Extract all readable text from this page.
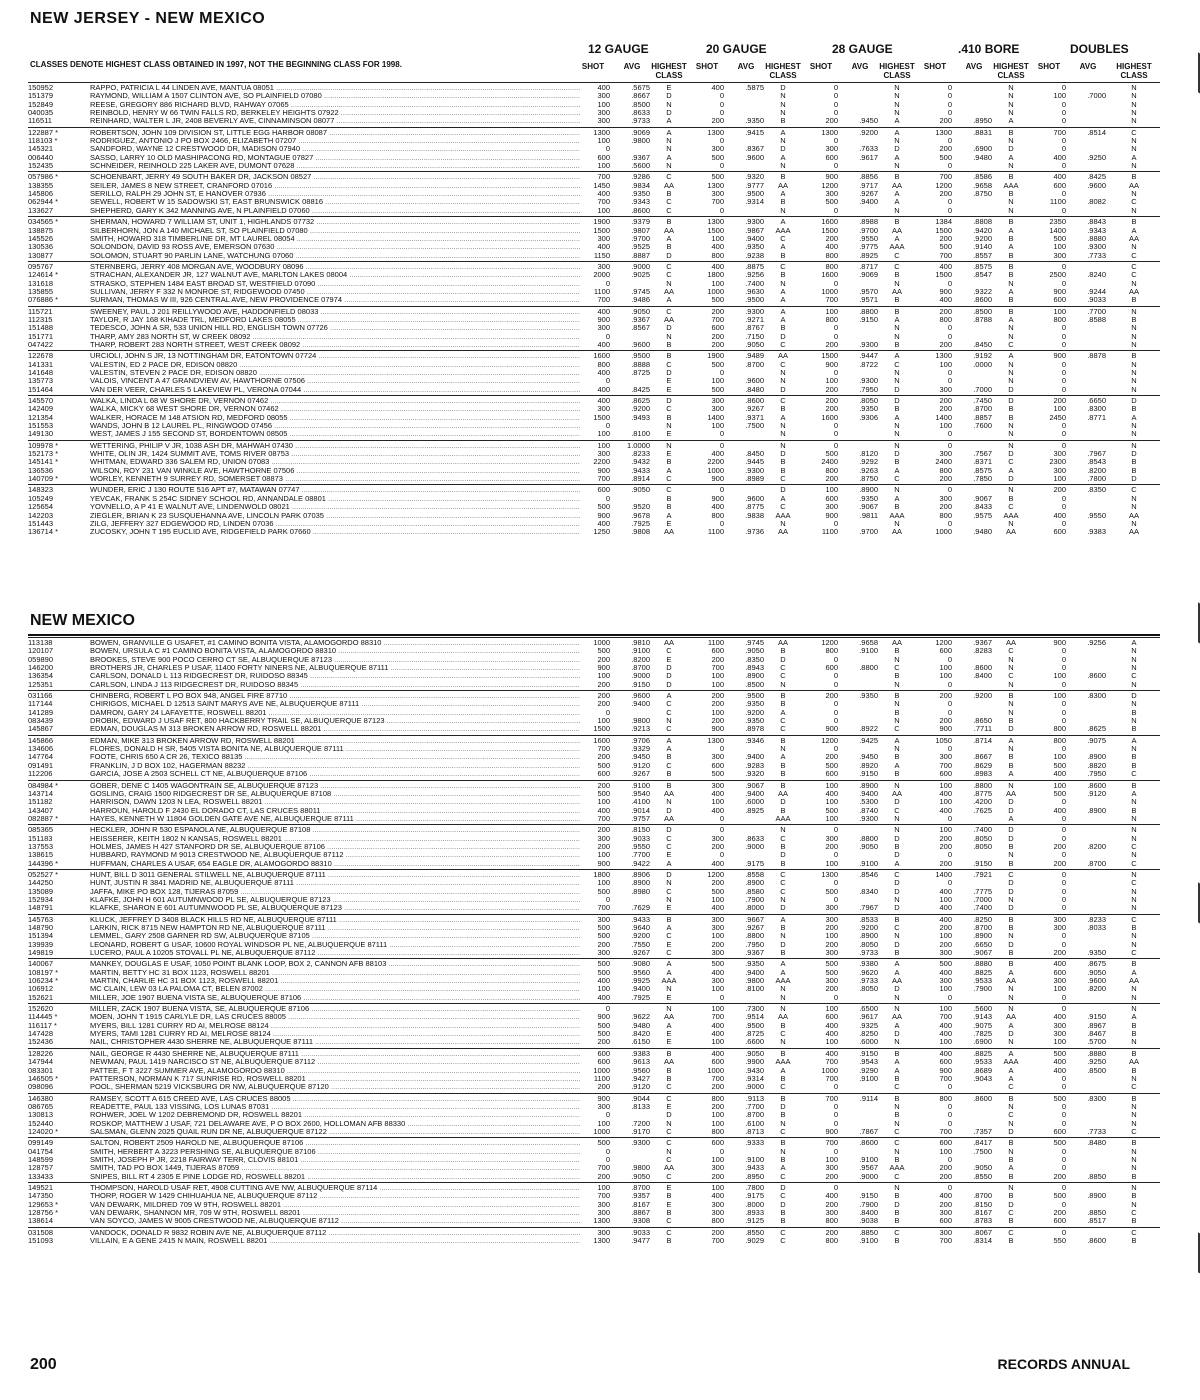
NEW JERSEY - NEW MEXICO
12 GAUGE	20 GAUGE	28 GAUGE	.410 BORE	DOUBLES
CLASSES DENOTE HIGHEST CLASS OBTAINED IN 1997, NOT THE BEGINNING CLASS FOR 1998.	SHOT	AVG	HIGHEST CLASS
SHOT	AVG	HIGHEST CLASS
SHOT	AVG	HIGHEST CLASS
SHOT	AVG	HIGHEST CLASS
SHOT	AVG	HIGHEST CLASS
150952	RAPPO, PATRICIA L 44 LINDEN AVE, MANTUA 08051 .....	400	.5675	E	400	.5875	D	0	N	0	N	0	N
151379	RAYMOND, WILLIAM A 1507 CLINTON AVE, SO PLAINFIELD 07080 .....	300	.8667	D	0	N	0	N	0	N	100	.7000	N
152849	REESE, GREGORY 886 RICHARD BLVD, RAHWAY 07065 .....	100	.8500	N	0	N	0	N	0	N	0	N
040035	REINBOLD, HENRY W 66 TWIN FALLS RD, BERKELEY HEIGHTS 07922 .....	300	.8633	D	0	N	0	N	0	N	0	N
116511	REINHARD, WALTER L JR, 2408 BEVERLY AVE, CINNAMINSON 08077 .....	300	.9733	A	200	.9350	B	200	.9450	A	200	.8950	A	0	N
122887 *	ROBERTSON, JOHN 109 DIVISION ST, LITTLE EGG HARBOR 08087 .....	1300	.9069	A	1300	.9415	A	1300	.9200	A	1300	.8831	B	700	.8514	C
118103 *	RODRIGUEZ, ANTONIO J PO BOX 2466, ELIZABETH 07207 .....	100	.9800	N	0	N	0	N	0	N	0	N
145321	SANDFORD, WAYNE 12 CRESTWOOD DR, MADISON 07940 .....	0	N	300	.8367	D	300	.7633	D	200	.6900	D	0	N
006440	SASSO, LARRY 10 OLD MASHIPACONG RD, MONTAGUE 07827 .....	600	.9367	A	500	.9600	A	600	.9617	A	500	.9480	A	400	.9250	A
152435	SCHNEIDER, REINHOLD 225 LAKER AVE, DUMONT 07628 .....	100	.5600	N	0	N	0	N	0	N	0	N
057986 *	SCHOENBART, JERRY 49 SOUTH BAKER DR, JACKSON 08527 .....	700	.9286	C	500	.9320	B	900	.8856	B	700	.8586	B	400	.8425	B
138355	SEILER, JAMES 8 NEW STREET, CRANFORD 07016 .....	1450	.9834	AA	1300	.9777	AA	1200	.9717	AA	1200	.9658	AAA	600	.9600	AA
145806	SERILLO, RALPH 29 JOHN ST, E HANOVER 07936 .....	400	.9350	B	300	.9500	A	300	.9267	A	200	.8750	B	0	N
062944 *	SEWELL, ROBERT W 15 SADOWSKI ST, EAST BRUNSWICK 08816 .....	700	.9343	C	700	.9314	B	500	.9400	A	0	N	1100	.8082	C
133627	SHEPHERD, GARY K 342 MANNING AVE, N PLAINFIELD 07060 .....	100	.8600	C	0	N	0	N	0	N	0	N
034565 *	SHERMAN, HOWARD 7 WILLIAM ST, UNIT 1, HIGHLANDS 07732 .....	1900	.9379	B	1300	.9300	A	1600	.8988	B	1384	.8808	B	2350	.8843	B
138875	SILBERHORN, JON A 140 MICHAEL ST, SO PLAINFIELD 07080 .....	1500	.9807	AA	1500	.9867	AAA	1500	.9700	AA	1500	.9420	A	1400	.9343	A
145526	SMITH, HOWARD 318 TIMBERLINE DR, MT LAUREL 08054 .....	300	.9700	A	100	.9400	C	200	.9550	A	200	.9200	B	500	.8880	AA
130536	SOLONDON, DAVID 93 ROSS AVE, EMERSON 07630 .....	400	.9525	B	400	.9350	A	400	.9775	AAA	500	.9140	A	100	.9300	N
130877	SOLOMON, STUART 90 PARLIN LANE, WATCHUNG 07060 .....	1150	.8887	D	800	.9238	B	800	.8925	C	700	.8557	B	300	.7733	C
095767	STERNBERG, JERRY 408 MORGAN AVE, WOODBURY 08096 .....	300	.9000	C	400	.8875	C	800	.8717	C	400	.8575	B	0	C
124614 *	STRACHAN, ALEXANDER JR, 127 WALNUT AVE, MARLTON LAKES 08004 .....	2000	.9025	C	1800	.9256	B	1600	.9069	B	1500	.8547	B	2500	.8240	C
131618	STRASKO, STEPHEN 1484 EAST BROAD ST, WESTFIELD 07090 .....	0	N	100	.7400	N	0	N	0	N	0	N
135855	SULLIVAN, JERRY F 332 N MONROE ST, RIDGEWOOD 07450 .....	1100	.9745	AA	1000	.9630	A	1000	.9570	AA	900	.9322	A	900	.9244	AA
076886 *	SURMAN, THOMAS W III, 926 CENTRAL AVE, NEW PROVIDENCE 07974 .....	700	.9486	A	500	.9500	A	700	.9571	B	400	.8600	B	600	.9033	B
115721	SWEENEY, PAUL J 201 REILLYWOOD AVE, HADDONFIELD 08033 .....	400	.9050	C	200	.9300	A	100	.8800	B	200	.8500	B	100	.7700	N
112315	TAYLOR, R JAY 168 KIHADE TRL, MEDFORD LAKES 08055 .....	900	.9367	AA	700	.9271	A	800	.9150	A	800	.8788	A	800	.8588	B
151488	TEDESCO, JOHN A SR, 533 UNION HILL RD, ENGLISH TOWN 07726 .....	300	.8567	D	600	.8767	B	0	N	0	N	0	N
151771	THARP, AMY 283 NORTH ST, W CREEK 08092 .....	0	N	200	.7150	D	0	N	0	N	0	N
047422	THARP, ROBERT 283 NORTH STREET, WEST CREEK 08092 .....	400	.9600	B	200	.9050	C	200	.9300	B	200	.8450	C	0	N
122678	URCIOLI, JOHN S JR, 13 NOTTINGHAM DR, EATONTOWN 07724 .....	1600	.9500	B	1900	.9489	AA	1500	.9447	A	1300	.9192	A	900	.8878	B
141331	VALESTIN, ED 2 PACE DR, EDISON 08820 .....	800	.8888	C	500	.8700	C	900	.8722	C	100	.0000	N	0	N
141648	VALESTIN, STEVEN 2 PACE DR, EDISON 08820 .....	400	.8725	D	0	N	0	N	0	N	0	N
135773	VALOIS, VINCENT A 47 GRANDVIEW AV, HAWTHORNE 07506 .....	0	E	100	.9600	N	100	.9300	N	0	N	0	N
151464	VAN DER VEER, CHARLES 5 LAKEVIEW PL, VERONA 07044 .....	400	.8425	E	500	.8480	D	200	.7950	D	300	.7000	D	0	N
145570	WALKA, LINDA L 68 W SHORE DR, VERNON 07462 .....	400	.8625	D	300	.8600	C	200	.8050	D	200	.7450	D	200	.6650	D
142409	WALKA, MICKY 68 WEST SHORE DR, VERNON 07462 .....	300	.9200	C	300	.9267	B	200	.9350	B	200	.8700	B	100	.8300	B
121354	WALKER, HORACE M 148 ATSION RD, MEDFORD 08055 .....	1500	.9493	B	1400	.9371	A	1600	.9306	A	1400	.8857	B	2450	.8771	A
151553	WANDS, JOHN B 12 LAUREL PL, RINGWOOD 07456 .....	0	N	100	.7500	N	0	N	100	.7600	N	0	N
149130	WEST, JAMES J 155 SECOND ST, BORDENTOWN 08505 .....	100	.8100	E	0	N	0	N	0	N	0	N
109978 *	WETTERING, PHILIP V JR, 1038 ASH DR, MAHWAH 07430 .....	100	1.0000	N	0	N	0	N	0	N	0	N
152173 *	WHITE, OLIN JR, 1424 SUMMIT AVE, TOMS RIVER 08753 .....	300	.8233	E	400	.8450	D	500	.8120	D	300	.7567	D	300	.7967	D
145141 *	WHITMAN, EDWARD 336 SALEM RD, UNION 07083 .....	2200	.9432	B	2200	.9445	B	2400	.9292	B	2400	.8371	C	2300	.8543	B
136536	WILSON, ROY 231 VAN WINKLE AVE, HAWTHORNE 07506 .....	900	.9433	A	1000	.9300	B	800	.9263	A	800	.8575	A	300	.8200	B
140709 *	WORLEY, KENNETH 9 SURREY RD, SOMERSET 08873 .....	700	.8914	C	900	.8989	C	200	.8750	C	200	.7850	D	100	.7800	D
148323	WUNDER, ERIC J 130 ROUTE 516 APT #7, MATAWAN 07747 .....	600	.9050	C	0	D	100	.8900	N	0	N	200	.8350	C
105249	YEVCAK, FRANK S 254C SIDNEY SCHOOL RD, ANNANDALE 08801 .....	0	B	900	.9600	A	600	.9350	A	300	.9067	B	0	N
125654	YOVNELLO, A P 41 E WALNUT AVE, LINDENWOLD 08021 .....	500	.9520	B	400	.8775	C	300	.9067	B	200	.8433	C	0	N
142203	ZIEGLER, BRIAN K 23 SUSQUEHANNA AVE, LINCOLN PARK 07035 .....	900	.9678	A	800	.9838	AAA	900	.9811	AAA	800	.9575	AAA	400	.9550	AA
151443	ZILG, JEFFERY 327 EDGEWOOD RD, LINDEN 07036 .....	400	.7925	E	0	N	0	N	0	N	0	N
136714 *	ZUCOSKY, JOHN T 195 EUCLID AVE, RIDGEFIELD PARK 07660 .....	1250	.9808	AA	1100	.9736	AA	1100	.9700	AA	1000	.9480	AA	600	.9383	AA
NEW MEXICO
113138	BOWEN, GRANVILLE G USAFET, #1 CAMINO BONITA VISTA, ALAMOGORDO 88310 .....	1000	.9810	AA	1100	.9745	AA	1200	.9658	AA	1200	.9367	AA	900	.9256	A
120107	BOWEN, URSULA C #1 CAMINO BONITA VISTA, ALAMOGORDO 88310 .....	500	.9100	C	600	.9050	B	800	.9100	B	600	.8283	C	0	N
059890	BROOKES, STEVE 900 POCO CERRO CT SE, ALBUQUERQUE 87123 .....	200	.8200	E	200	.8350	D	0	N	0	N	0	N
146200	BROTHERS JR, CHARLES P USAF, 11400 FORTY NINERS NE, ALBUQUERQUE 87111 .....	900	.8700	D	700	.8943	C	600	.8800	C	100	.8600	N	0	N
136354	CARLSON, DONALD L 113 RIDGECREST DR, RUIDOSO 88345 .....	100	.9000	D	100	.8900	C	0	B	100	.8400	C	100	.8600	C
125351	CARLSON, LINDA J 113 RIDGECREST DR, RUIDOSO 88345 .....	200	.9150	D	100	.8500	N	0	N	0	N	0	N
031166	CHINBERG, ROBERT L PO BOX 948, ANGEL FIRE 87710 .....	200	.9600	A	200	.9500	B	200	.9350	B	200	.9200	B	100	.8300	D
117144	CHIRIGOS, MICHAEL D 12513 SAINT MARYS AVE NE, ALBUQUERQUE 87111 .....	200	.9400	C	200	.9350	B	0	N	0	N	0	N
141289	DAMRON, GARY 24 LAFAYETTE, ROSWELL 88201 .....	0	C	100	.9200	A	0	B	0	N	0	B
083439	DROBIK, EDWARD J USAF RET, 800 HACKBERRY TRAIL SE, ALBUQUERQUE 87123 .....	100	.9800	N	200	.9350	C	0	N	200	.8650	B	0	N
145867	EDMAN, DOUGLAS M 313 BROKEN ARROW RD, ROSWELL 88201 .....	1500	.9213	C	900	.8978	C	900	.8922	C	900	.7711	D	800	.8625	B
145866	EDMAN, MIKE 313 BROKEN ARROW RD, ROSWELL 88201 .....	1600	.9706	A	1300	.9346	B	1200	.9425	A	1050	.8714	A	800	.9075	A
134606	FLORES, DONALD H SR, 5405 VISTA BONITA NE, ALBUQUERQUE 87111 .....	700	.9329	A	0	N	0	N	0	N	0	N
147764	FOOTE, CHRIS 650 A CR 26, TEXICO 88135 .....	200	.9450	B	300	.9400	A	200	.9450	B	300	.8667	B	100	.8900	B
091491	FRANKLIN, J D BOX 102, HAGERMAN 88232 .....	500	.9120	C	600	.9283	B	500	.8920	A	700	.8629	B	500	.8820	B
112206	GARCIA, JOSE A 2503 SCHELL CT NE, ALBUQUERQUE 87106 .....	600	.9267	B	500	.9320	B	600	.9150	B	600	.8983	A	400	.7950	C
084984 *	GOBER, DENE C 1405 WAGONTRAIN SE, ALBUQUERQUE 87123 .....	200	.9100	B	300	.9067	B	100	.8900	N	100	.8800	N	100	.8600	B
143714	GOSLING, CRAIG 1500 RIDGECREST DR SE, ALBUQUERQUE 87108 .....	500	.9540	AA	400	.9400	AA	400	.9400	AA	400	.8775	AA	500	.9120	A
151182	HARRISON, DAWN 1203 N LEA, ROSWELL 88201 .....	100	.4100	N	100	.6000	D	100	.5300	D	100	.4200	D	0	N
143407	HARROUN, HAROLD F 2430 EL DORADO CT, LAS CRUCES 88011 .....	400	.9014	D	400	.8925	B	500	.8740	C	400	.7625	D	400	.8900	B
082887 *	HAYES, KENNETH W 11804 GOLDEN GATE AVE NE, ALBUQUERQUE 87111 .....	700	.9757	AA	0	AAA	100	.9300	N	0	A	0	N
085365	HECKLER, JOHN R 530 ESPANOLA NE, ALBUQUERQUE 87108 .....	200	.8150	D	0	N	0	N	100	.7400	D	0	N
151183	HEISSERER, KEITH 1802 N KANSAS, ROSWELL 88201 .....	300	.9033	C	300	.8633	C	300	.8800	D	200	.8050	D	0	N
137553	HOLMES, JAMES H 427 STANFORD DR SE, ALBUQUERQUE 87106 .....	200	.9550	C	200	.9000	B	200	.9050	B	200	.8050	B	200	.8200	C
138615	HUBBARD, RAYMOND M 9013 CRESTWOOD NE, ALBUQUERQUE 87112 .....	100	.7700	E	0	D	0	D	0	N	0	N
144396 *	HUFFMAN, CHARLES A USAF, 654 EAGLE DR, ALAMOGORDO 88310 .....	900	.9422	A	400	.9175	B	100	.9100	A	200	.9150	B	200	.8700	C
052527 *	HUNT, BILL D 3011 GENERAL STILWELL NE, ALBUQUERQUE 87111 .....	1800	.8906	D	1200	.8558	C	1300	.8546	C	1400	.7921	C	0	N
144250	HUNT, JUSTIN R 3841 MADRID NE, ALBUQUERQUE 87111 .....	100	.8900	N	200	.8900	C	0	D	0	D	0	C
135089	JAFFA, MIKE PO BOX 128, TIJERAS 87059 .....	500	.8980	C	500	.8580	C	500	.8340	D	400	.7775	D	0	N
152934	KLAFKE, JOHN H 601 AUTUMNWOOD PL SE, ALBUQUERQUE 87123 .....	0	N	100	.7900	N	0	N	100	.7000	N	0	N
148791	KLAFKE, SHARON E 601 AUTUMNWOOD PL SE, ALBUQUERQUE 87123 .....	700	.7629	E	400	.8000	D	300	.7967	D	400	.7400	D	0	N
145763	KLUCK, JEFFREY D 3408 BLACK HILLS RD NE, ALBUQUERQUE 87111 .....	300	.9433	B	300	.9667	A	300	.8533	B	400	.8250	B	300	.8233	C
148790	LARKIN, RICK 8715 NEW HAMPTON RD NE, ALBUQUERQUE 87111 .....	500	.9640	A	300	.9267	B	200	.9200	C	200	.8700	B	300	.8033	B
151394	LEMMEL, GARY 2508 GARNER RD SW, ALBUQUERQUE 87105 .....	500	.9200	C	100	.8800	N	100	.8900	N	100	.8900	N	0	N
139939	LEONARD, ROBERT G USAF, 10600 ROYAL WINDSOR PL NE, ALBUQUERQUE 87111 .....	200	.7550	E	200	.7950	D	200	.8050	D	200	.6650	D	0	N
149819	LUCERO, PAUL A 10205 STOVALL PL NE, ALBUQUERQUE 87112 .....	300	.9267	C	300	.9367	B	300	.9733	B	300	.9067	B	200	.9350	C
140067	MANKEY, DOUGLAS E USAF, 1050 POINT BLANK LOOP, BOX 2, CANNON AFB 88103 .....	500	.9080	A	500	.9350	A	500	.9380	A	500	.8880	B	400	.8675	B
108197 *	MARTIN, BETTY HC 31 BOX 1123, ROSWELL 88201 .....	500	.9560	A	400	.9400	A	500	.9620	A	400	.8825	A	600	.9050	A
106234 *	MARTIN, CHARLIE HC 31 BOX 1123, ROSWELL 88201 .....	400	.9925	AAA	300	.9800	AAA	300	.9733	AA	300	.9533	AA	300	.9600	AA
106912	MC CLAIN, LEW 03 LA PALOMA CT, BELEN 87002 .....	100	.9400	N	100	.8100	N	200	.8050	D	100	.7900	N	100	.8200	N
152621	MILLER, JOE 1907 BUENA VISTA SE, ALBUQUERQUE 87106 .....	400	.7925	E	0	N	0	N	0	N	0	N
152620	MILLER, ZACK 1907 BUENA VISTA, SE, ALBUQUERQUE 87106 .....	0	N	100	.7300	N	100	.6500	N	100	.5600	N	0	N
114445 *	MOEN, JOHN T 1915 CARLYLE DR, LAS CRUCES 88005 .....	900	.9622	AA	700	.9514	AA	600	.9617	AA	700	.9143	AA	400	.9150	A
116117 *	MYERS, BILL 1281 CURRY RD AI, MELROSE 88124 .....	500	.9480	A	400	.9500	B	400	.9325	A	400	.9075	A	300	.8967	B
147428	MYERS, TAMI 1281 CURRY RD AI, MELROSE 88124 .....	500	.8420	E	400	.8725	C	400	.8250	D	400	.7825	D	300	.8467	B
152436	NAIL, CHRISTOPHER 4430 SHERRE NE, ALBUQUERQUE 87111 .....	200	.6150	E	100	.6600	N	100	.6000	N	100	.6900	N	100	.5700	N
128226	NAIL, GEORGE R 4430 SHERRE NE, ALBUQUERQUE 87111 .....	600	.9383	B	400	.9050	B	400	.9150	B	400	.8825	A	500	.8880	B
147944	NEWMAN, PAUL 1419 NARCISCO ST NE, ALBUQUERQUE 87112 .....	600	.9613	AA	600	.9900	AAA	700	.9543	A	600	.9533	AAA	400	.9250	AA
083301	PATTEE, F T 3227 SUMMER AVE, ALAMOGORDO 88310 .....	1000	.9560	B	1000	.9430	A	1000	.9290	A	900	.8689	A	400	.8500	B
146505 *	PATTERSON, NORMAN K 717 SUNRISE RD, ROSWELL 88201 .....	1100	.9427	B	700	.9314	B	700	.9100	B	700	.9043	A	0	N
098096	POOL, SHERMAN 5219 VICKSBURG DR NW, ALBUQUERQUE 87120 .....	200	.9120	C	200	.9000	C	0	C	0	C	0	C
146380	RAMSEY, SCOTT A 615 CREED AVE, LAS CRUCES 88005 .....	900	.9044	C	800	.9113	B	700	.9114	B	800	.8600	B	500	.8300	B
086765	READETTE, PAUL 133 VISSING, LOS LUNAS 87031 .....	300	.8133	E	200	.7700	D	0	N	0	N	0	N
130813	ROHWER, JOEL W 1202 DEBREMOND DR, ROSWELL 88201 .....	0	D	100	.8700	B	0	B	0	C	0	N
152440	ROSKOP, MATTHEW J USAF, 721 DELAWARE AVE, P O BOX 2600, HOLLOMAN AFB 88330 .....	100	.7200	N	100	.6100	N	0	N	0	N	0	N
124020 *	SALSMAN, GLENN 2025 QUAIL RUN DR NE, ALBUQUERQUE 87122 .....	1000	.9170	C	800	.8713	C	900	.7867	C	700	.7357	D	600	.7733	C
099149	SALTON, ROBERT 2509 HAROLD NE, ALBUQUERQUE 87106 .....	500	.9300	C	600	.9333	B	700	.8600	C	600	.8417	B	500	.8480	B
041754	SMITH, HERBERT A 3223 PERSHING SE, ALBUQUERQUE 87106 .....	0	N	0	N	0	N	100	.7500	N	0	N
148599	SMITH, JOSEPH P JR, 2218 FAIRWAY TERR, CLOVIS 88101 .....	0	C	100	.9100	B	100	.9100	B	0	B	0	N
128757	SMITH, TAD PO BOX 1449, TIJERAS 87059 .....	700	.9800	AA	300	.9433	A	300	.9567	AAA	200	.9050	A	0	N
133433	SNIPES, BILL RT 4 2305 E PINE LODGE RD, ROSWELL 88201 .....	200	.9050	C	200	.8950	C	200	.9000	C	200	.8550	B	200	.8850	B
149521	THOMPSON, HAROLD USAF RET, 4908 CUTTING AVE NW, ALBUQUERQUE 87114 .....	100	.8700	E	100	.7800	D	0	N	0	N	0	N
147350	THORP, ROGER W 1429 CHIHUAHUA NE, ALBUQUERQUE 87112 .....	700	.9357	B	400	.9175	C	400	.9150	B	400	.8700	B	500	.8900	B
129653 *	VAN DEWARK, MILDRED 709 W 9TH, ROSWELL 88201 .....	300	.8167	E	300	.8000	D	200	.7900	D	200	.8150	D	0	N
128756 *	VAN DEWARK, SHANNON MR, 709 W 9TH, ROSWELL 88201 .....	300	.8867	B	300	.8933	B	300	.8400	B	300	.8167	C	200	.8850	C
138614	VAN SOYCO, JAMES W 9005 CRESTWOOD NE, ALBUQUERQUE 87112 .....	1300	.9308	C	800	.9125	B	800	.9038	B	600	.8783	B	600	.8517	B
031508	VANDOCK, DONALD R 9832 ROBIN AVE NE, ALBUQUERQUE 87112 .....	300	.9033	C	200	.8550	C	200	.8850	C	300	.8067	C	0	C
151093	VILLAIN, E A GENE 2415 N MAIN, ROSWELL 88201 .....	1300	.9477	B	700	.9029	C	800	.9100	B	700	.8314	B	550	.8600	B
200	RECORDS ANNUAL
